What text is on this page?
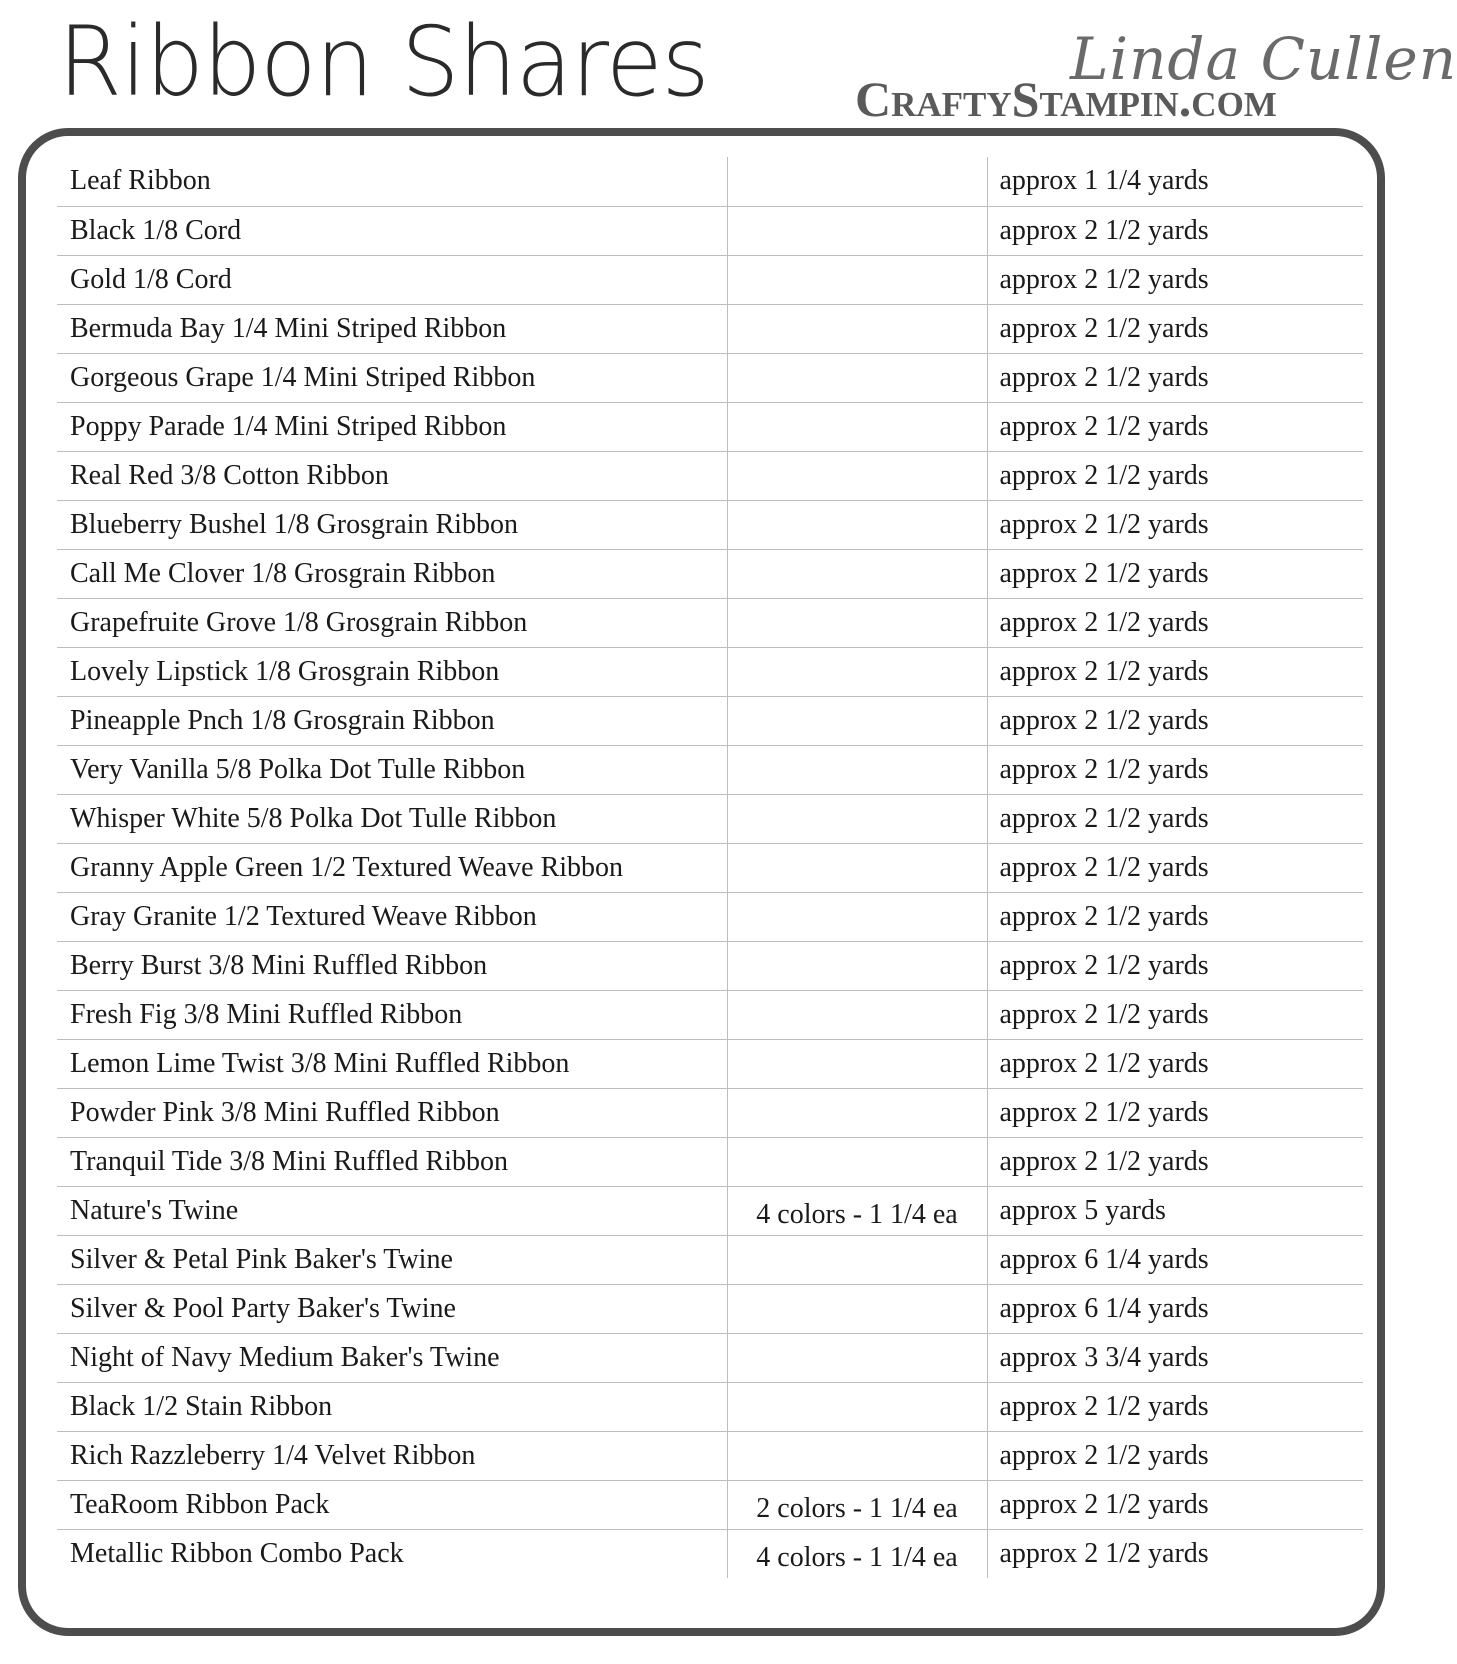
Ribbon Shares	Linda Cullen
CraftyStampin.com
Leaf Ribbon		approx 1 1/4 yards
Black 1/8 Cord		approx 2 1/2 yards
Gold 1/8 Cord		approx 2 1/2 yards
Bermuda Bay 1/4 Mini Striped Ribbon		approx 2 1/2 yards
Gorgeous Grape 1/4 Mini Striped Ribbon		approx 2 1/2 yards
Poppy Parade 1/4 Mini Striped Ribbon		approx 2 1/2 yards
Real Red 3/8 Cotton Ribbon		approx 2 1/2 yards
Blueberry Bushel 1/8 Grosgrain Ribbon		approx 2 1/2 yards
Call Me Clover 1/8 Grosgrain Ribbon		approx 2 1/2 yards
Grapefruite Grove 1/8 Grosgrain Ribbon		approx 2 1/2 yards
Lovely Lipstick 1/8 Grosgrain Ribbon		approx 2 1/2 yards
Pineapple Pnch 1/8 Grosgrain Ribbon		approx 2 1/2 yards
Very Vanilla 5/8 Polka Dot Tulle Ribbon		approx 2 1/2 yards
Whisper White 5/8 Polka Dot Tulle Ribbon		approx 2 1/2 yards
Granny Apple Green 1/2 Textured Weave Ribbon		approx 2 1/2 yards
Gray Granite 1/2 Textured Weave Ribbon		approx 2 1/2 yards
Berry Burst 3/8 Mini Ruffled Ribbon		approx 2 1/2 yards
Fresh Fig 3/8 Mini Ruffled Ribbon		approx 2 1/2 yards
Lemon Lime Twist 3/8 Mini Ruffled Ribbon		approx 2 1/2 yards
Powder Pink 3/8 Mini Ruffled Ribbon		approx 2 1/2 yards
Tranquil Tide 3/8 Mini Ruffled Ribbon		approx 2 1/2 yards
Nature's Twine	4 colors - 1 1/4 ea	approx 5 yards
Silver & Petal Pink Baker's Twine		approx 6 1/4 yards
Silver & Pool Party Baker's Twine		approx 6 1/4 yards
Night of Navy Medium Baker's Twine		approx 3 3/4 yards
Black 1/2 Stain Ribbon		approx 2 1/2 yards
Rich Razzleberry 1/4 Velvet Ribbon		approx 2 1/2 yards
TeaRoom Ribbon Pack	2 colors - 1 1/4 ea	approx 2 1/2 yards
Metallic Ribbon Combo Pack	4 colors - 1 1/4 ea	approx 2 1/2 yards
